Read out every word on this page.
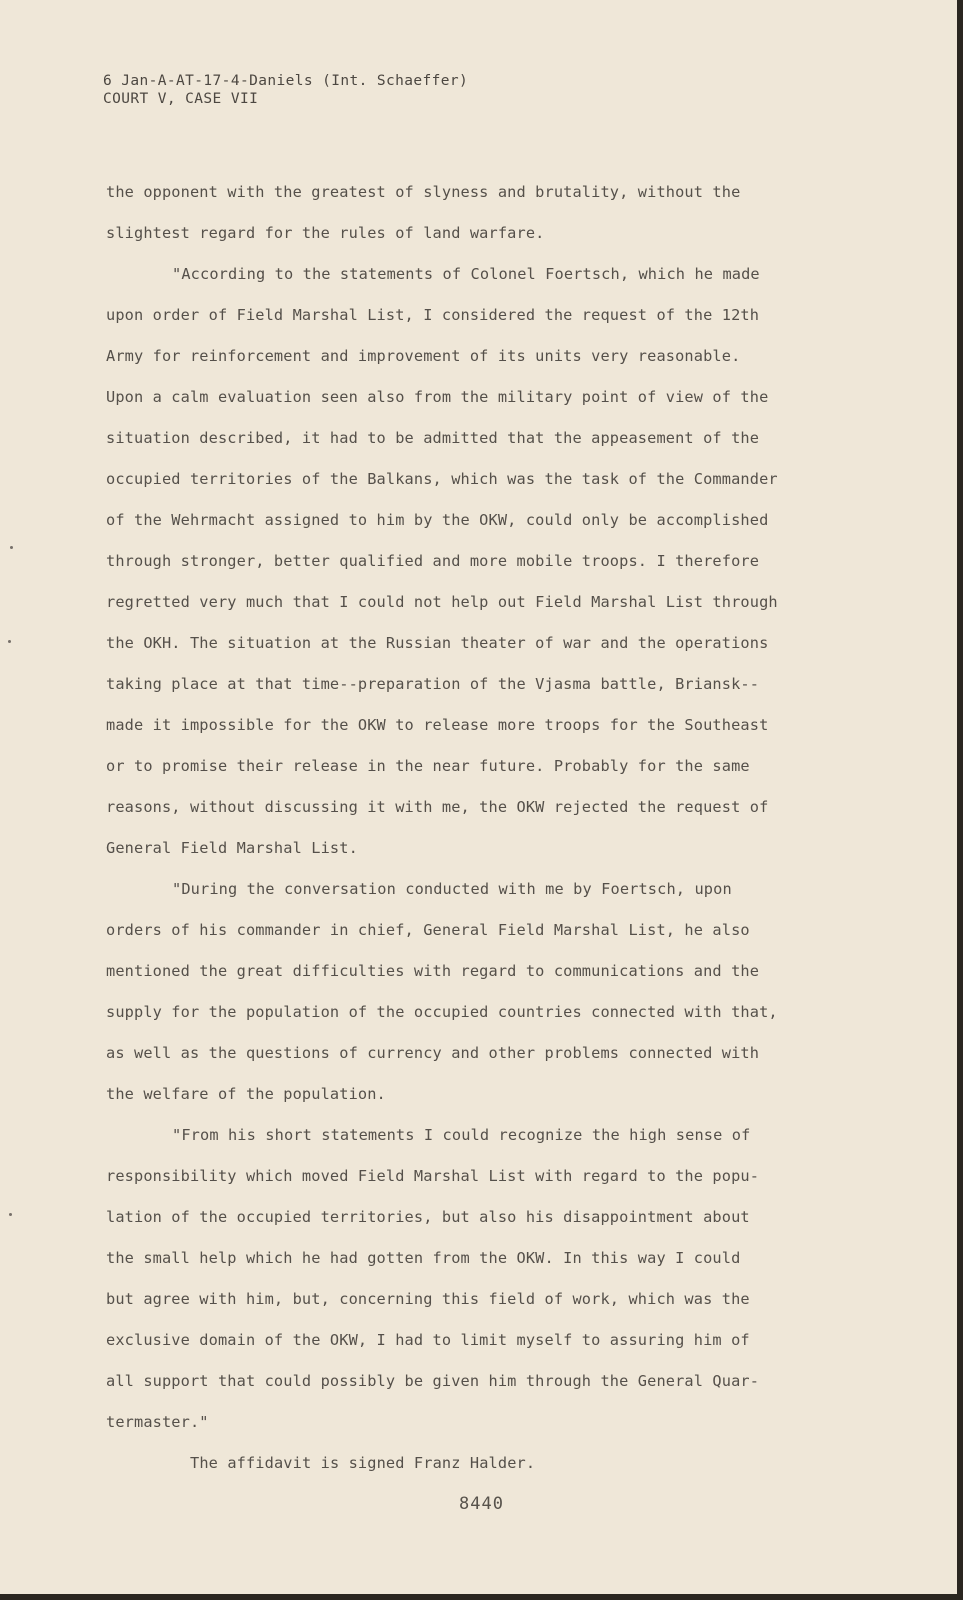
6 Jan-A-AT-17-4-Daniels (Int. Schaeffer)
COURT V, CASE VII
the opponent with the greatest of slyness and brutality, without the
slightest regard for the rules of land warfare.
"According to the statements of Colonel Foertsch, which he made
upon order of Field Marshal List, I considered the request of the 12th
Army for reinforcement and improvement of its units very reasonable.
Upon a calm evaluation seen also from the military point of view of the
situation described, it had to be admitted that the appeasement of the
occupied territories of the Balkans, which was the task of the Commander
of the Wehrmacht assigned to him by the OKW, could only be accomplished
through stronger, better qualified and more mobile troops. I therefore
regretted very much that I could not help out Field Marshal List through
the OKH. The situation at the Russian theater of war and the operations
taking place at that time--preparation of the Vjasma battle, Briansk--
made it impossible for the OKW to release more troops for the Southeast
or to promise their release in the near future. Probably for the same
reasons, without discussing it with me, the OKW rejected the request of
General Field Marshal List.
"During the conversation conducted with me by Foertsch, upon
orders of his commander in chief, General Field Marshal List, he also
mentioned the great difficulties with regard to communications and the
supply for the population of the occupied countries connected with that,
as well as the questions of currency and other problems connected with
the welfare of the population.
"From his short statements I could recognize the high sense of
responsibility which moved Field Marshal List with regard to the popu-
lation of the occupied territories, but also his disappointment about
the small help which he had gotten from the OKW. In this way I could
but agree with him, but, concerning this field of work, which was the
exclusive domain of the OKW, I had to limit myself to assuring him of
all support that could possibly be given him through the General Quar-
termaster."
The affidavit is signed Franz Halder.
8440
